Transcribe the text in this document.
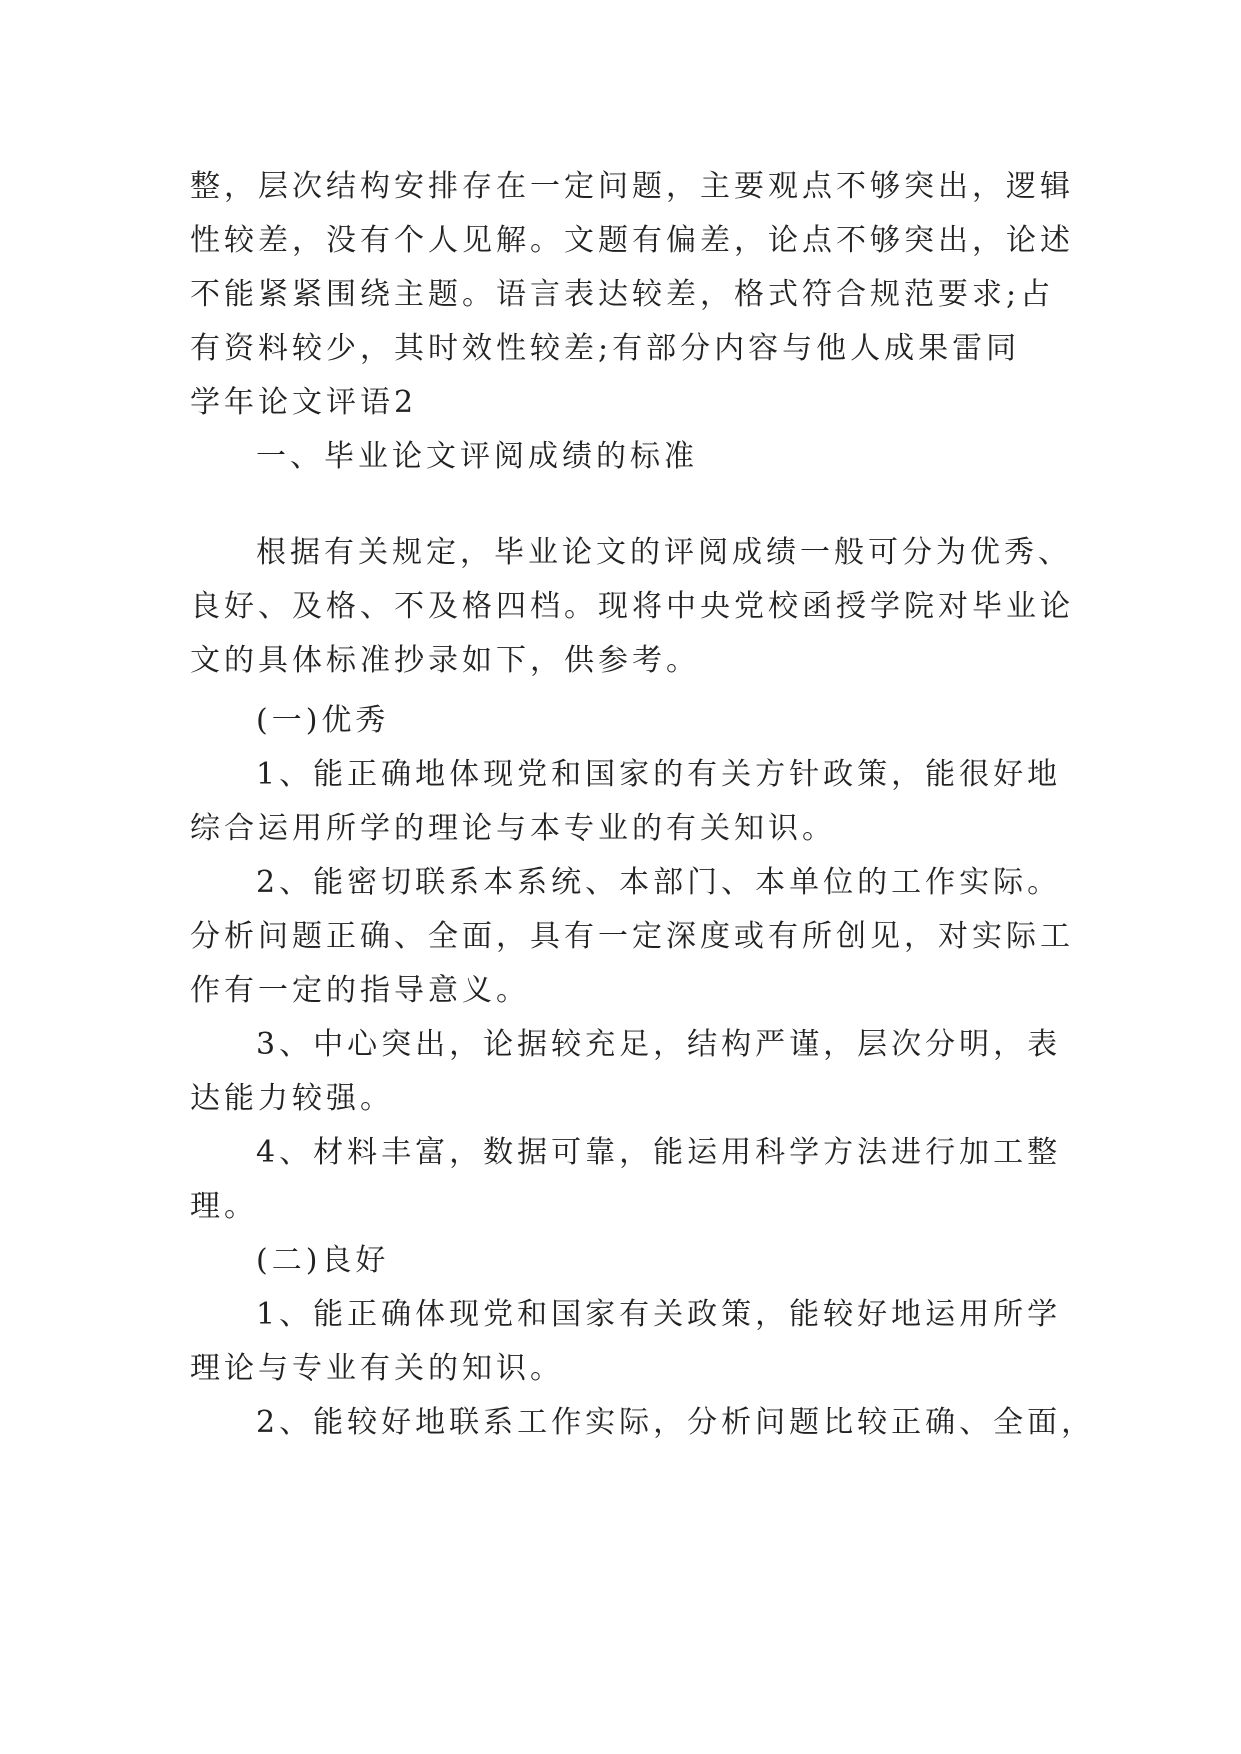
整，层次结构安排存在一定问题，主要观点不够突出，逻辑

性较差，没有个人见解。文题有偏差，论点不够突出，论述

不能紧紧围绕主题。语言表达较差，格式符合规范要求;占

有资料较少，其时效性较差;有部分内容与他人成果雷同

学年论文评语2

一、毕业论文评阅成绩的标准

根据有关规定，毕业论文的评阅成绩一般可分为优秀、

良好、及格、不及格四档。现将中央党校函授学院对毕业论

文的具体标准抄录如下，供参考。

(一)优秀

1、能正确地体现党和国家的有关方针政策，能很好地

综合运用所学的理论与本专业的有关知识。

2、能密切联系本系统、本部门、本单位的工作实际。

分析问题正确、全面，具有一定深度或有所创见，对实际工

作有一定的指导意义。

3、中心突出，论据较充足，结构严谨，层次分明，表

达能力较强。

4、材料丰富，数据可靠，能运用科学方法进行加工整

理。

(二)良好

1、能正确体现党和国家有关政策，能较好地运用所学

理论与专业有关的知识。

2、能较好地联系工作实际，分析问题比较正确、全面，
